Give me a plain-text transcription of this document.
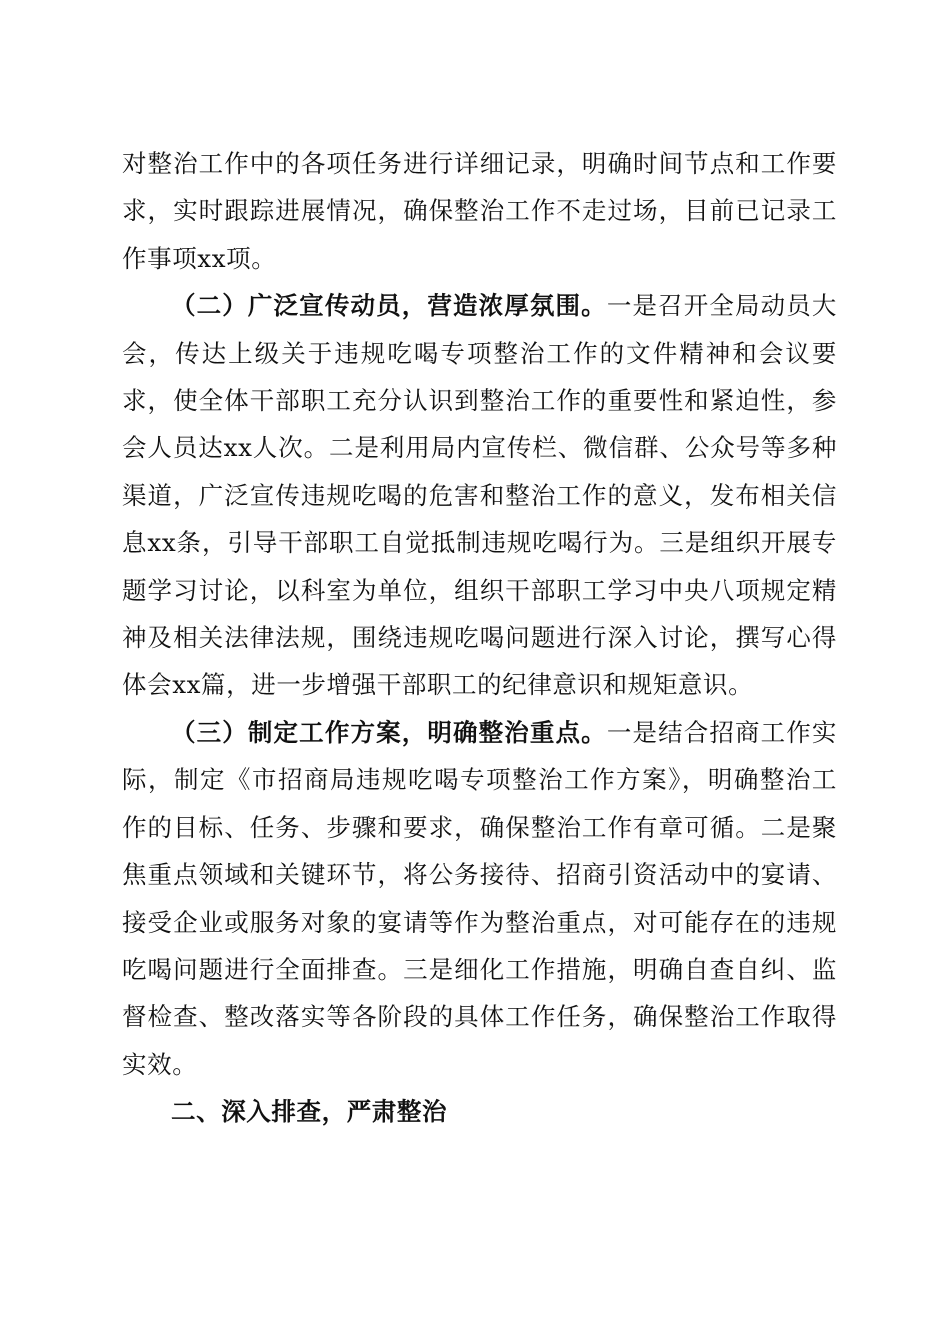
对整治工作中的各项任务进行详细记录，明确时间节点和工作要求，实时跟踪进展情况，确保整治工作不走过场，目前已记录工作事项xx项。

（二）广泛宣传动员，营造浓厚氛围。一是召开全局动员大会，传达上级关于违规吃喝专项整治工作的文件精神和会议要求，使全体干部职工充分认识到整治工作的重要性和紧迫性，参会人员达xx人次。二是利用局内宣传栏、微信群、公众号等多种渠道，广泛宣传违规吃喝的危害和整治工作的意义，发布相关信息xx条，引导干部职工自觉抵制违规吃喝行为。三是组织开展专题学习讨论，以科室为单位，组织干部职工学习中央八项规定精神及相关法律法规，围绕违规吃喝问题进行深入讨论，撰写心得体会xx篇，进一步增强干部职工的纪律意识和规矩意识。

（三）制定工作方案，明确整治重点。一是结合招商工作实际，制定《市招商局违规吃喝专项整治工作方案》，明确整治工作的目标、任务、步骤和要求，确保整治工作有章可循。二是聚焦重点领域和关键环节，将公务接待、招商引资活动中的宴请、接受企业或服务对象的宴请等作为整治重点，对可能存在的违规吃喝问题进行全面排查。三是细化工作措施，明确自查自纠、监督检查、整改落实等各阶段的具体工作任务，确保整治工作取得实效。

二、深入排查，严肃整治
